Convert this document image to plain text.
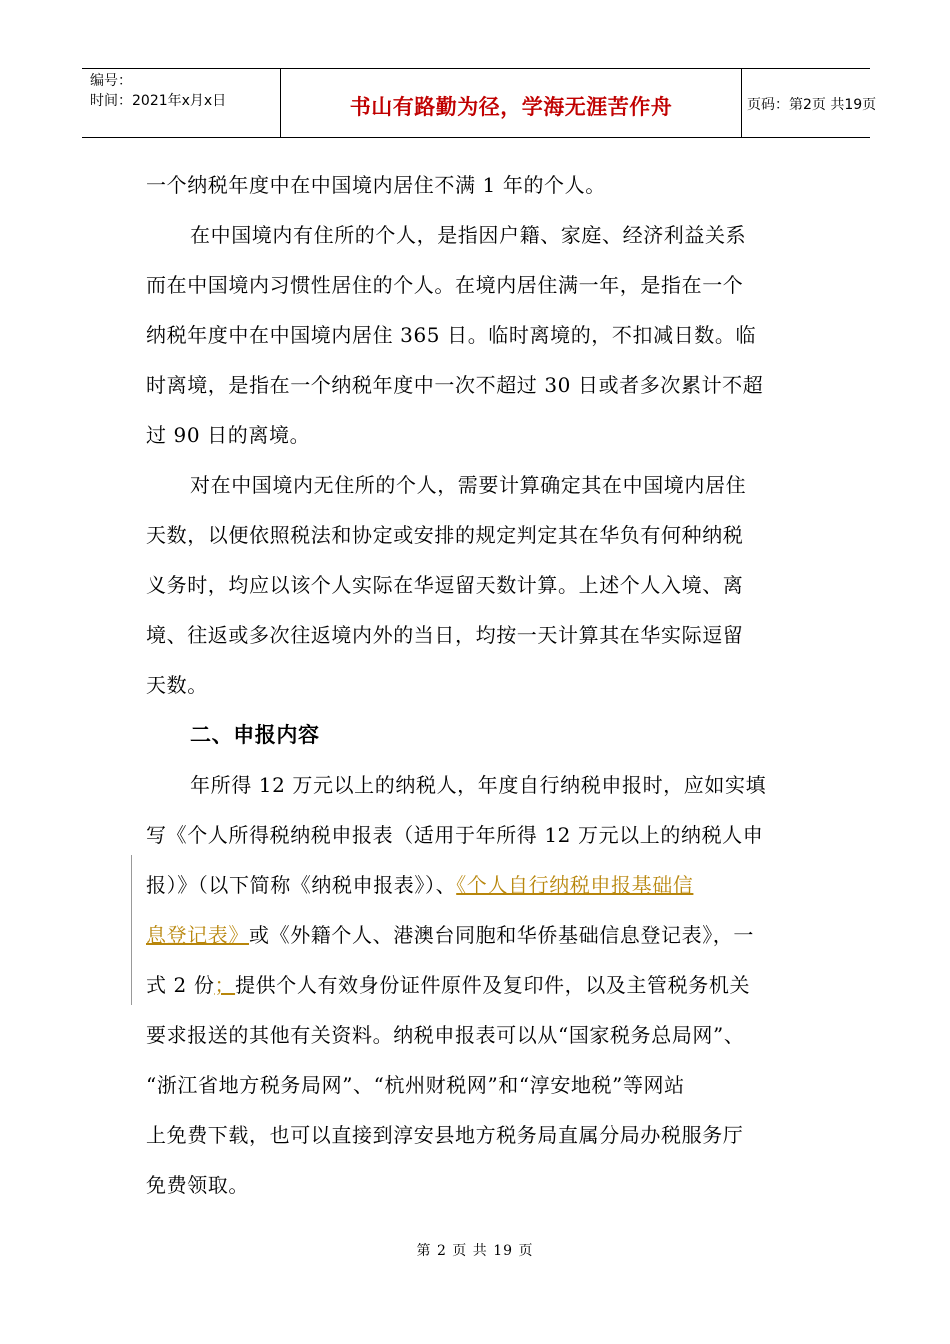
编号：
时间：2021年x月x日	书山有路勤为径，学海无涯苦作舟	页码：第2页 共19页
一个纳税年度中在中国境内居住不满 1 年的个人。
在中国境内有住所的个人，是指因户籍、家庭、经济利益关系
而在中国境内习惯性居住的个人。在境内居住满一年，是指在一个
纳税年度中在中国境内居住 365 日。临时离境的，不扣减日数。临
时离境，是指在一个纳税年度中一次不超过 30 日或者多次累计不超
过 90 日的离境。
对在中国境内无住所的个人，需要计算确定其在中国境内居住
天数，以便依照税法和协定或安排的规定判定其在华负有何种纳税
义务时，均应以该个人实际在华逗留天数计算。上述个人入境、离
境、往返或多次往返境内外的当日，均按一天计算其在华实际逗留
天数。
二、申报内容
年所得 12 万元以上的纳税人，年度自行纳税申报时，应如实填
写《个人所得税纳税申报表（适用于年所得 12 万元以上的纳税人申
报）》（以下简称《纳税申报表》）、《个人自行纳税申报基础信
息登记表》或《外籍个人、港澳台同胞和华侨基础信息登记表》，一
式 2 份；提供个人有效身份证件原件及复印件，以及主管税务机关
要求报送的其他有关资料。纳税申报表可以从“国家税务总局网”、
“浙江省地方税务局网”、“杭州财税网”和“淳安地税”等网站
上免费下载，也可以直接到淳安县地方税务局直属分局办税服务厅
免费领取。
第 2 页 共 19 页
